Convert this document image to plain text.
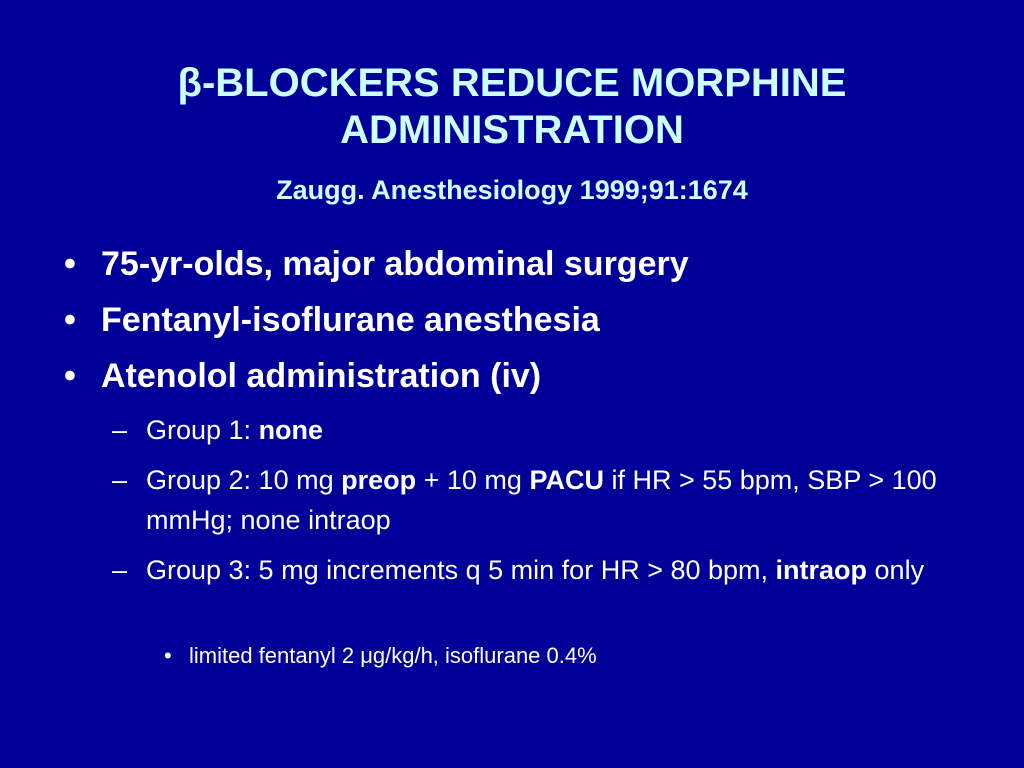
β-BLOCKERS REDUCE MORPHINE
ADMINISTRATION
Zaugg. Anesthesiology 1999;91:1674
• 75-yr-olds, major abdominal surgery
• Fentanyl-isoflurane anesthesia
• Atenolol administration (iv)
– Group 1: none
– Group 2: 10 mg preop + 10 mg PACU if HR > 55 bpm, SBP > 100 mmHg; none intraop
– Group 3: 5 mg increments q 5 min for HR > 80 bpm, intraop only
• limited fentanyl 2 μg/kg/h, isoflurane 0.4%
